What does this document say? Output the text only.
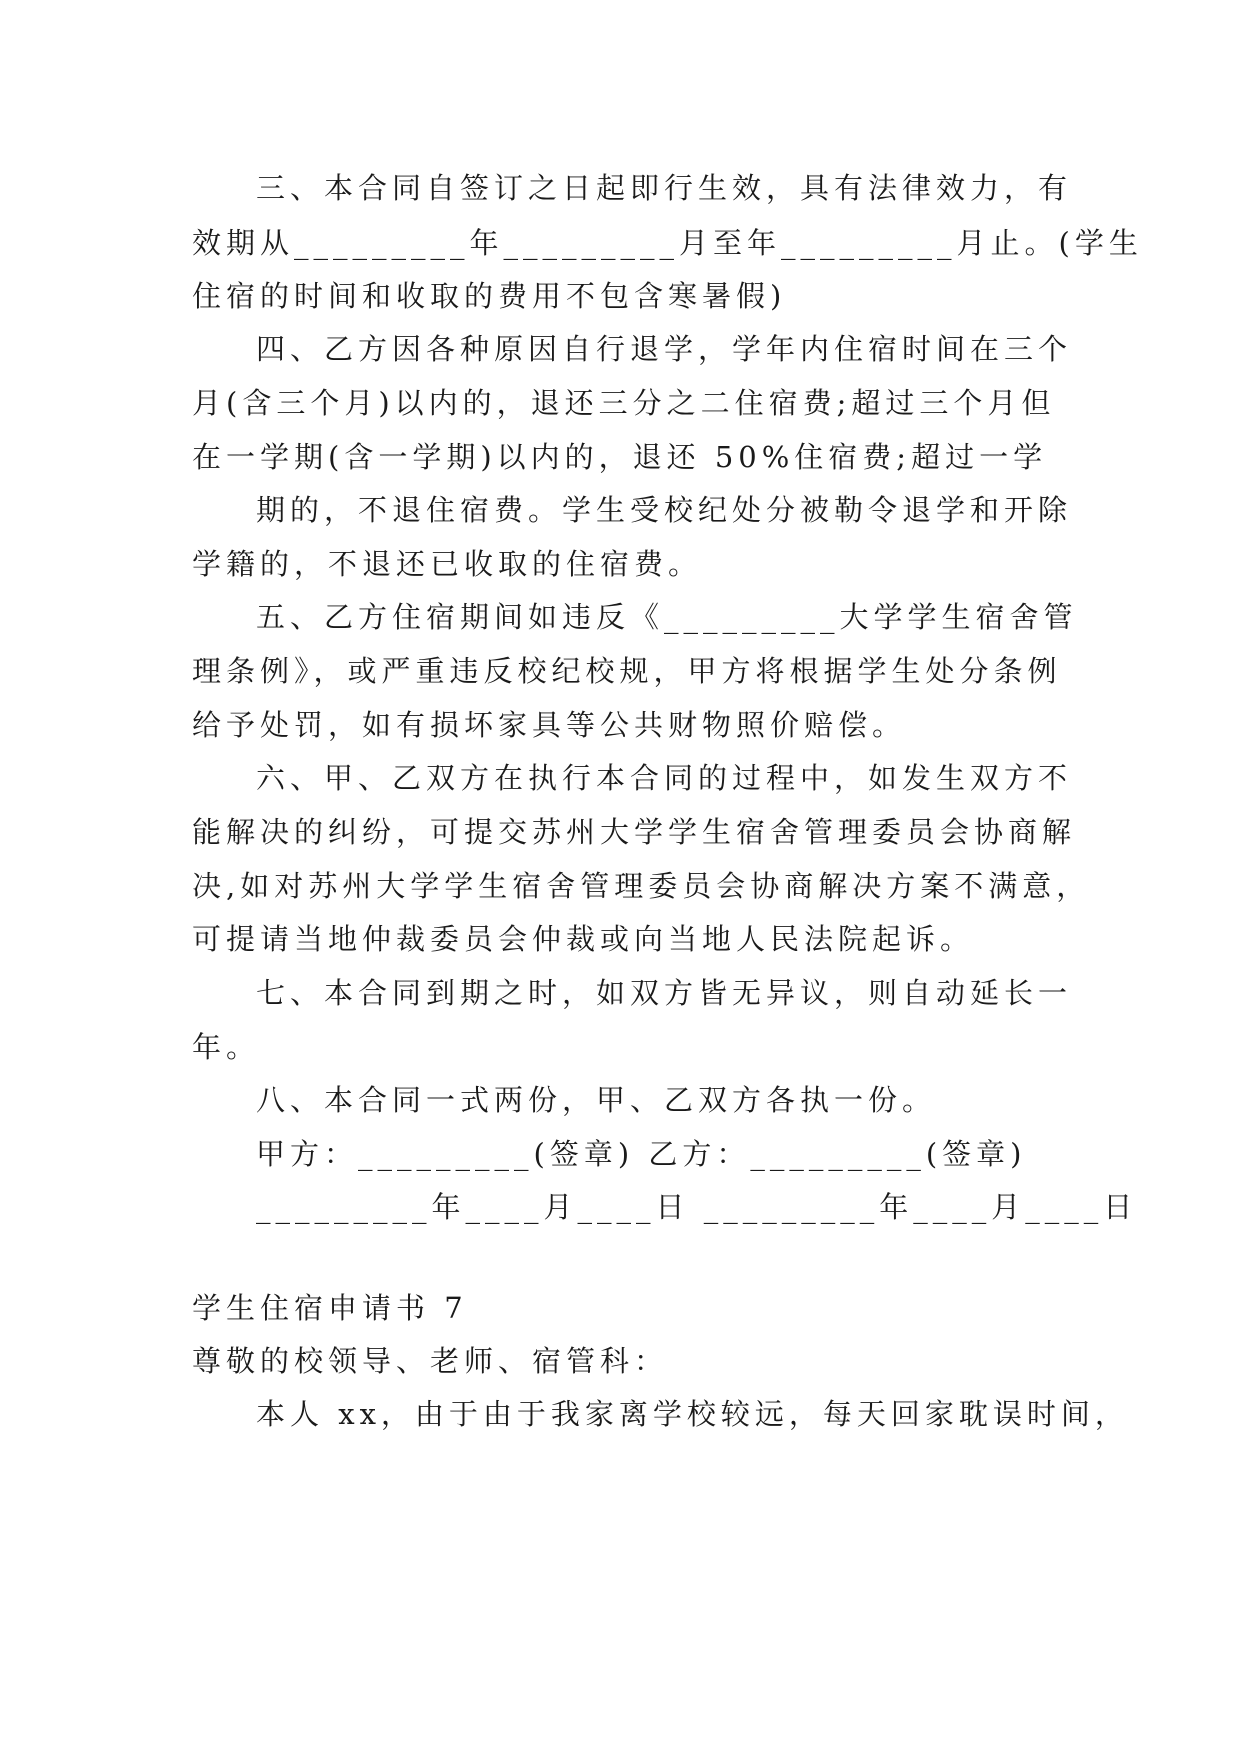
三、本合同自签订之日起即行生效，具有法律效力，有

效期从_________年_________月至年_________月止。(学生

住宿的时间和收取的费用不包含寒暑假)

四、乙方因各种原因自行退学，学年内住宿时间在三个

月(含三个月)以内的，退还三分之二住宿费;超过三个月但

在一学期(含一学期)以内的，退还 50%住宿费;超过一学

期的，不退住宿费。学生受校纪处分被勒令退学和开除

学籍的，不退还已收取的住宿费。

五、乙方住宿期间如违反《_________大学学生宿舍管

理条例》，或严重违反校纪校规，甲方将根据学生处分条例

给予处罚，如有损坏家具等公共财物照价赔偿。

六、甲、乙双方在执行本合同的过程中，如发生双方不

能解决的纠纷，可提交苏州大学学生宿舍管理委员会协商解

决,如对苏州大学学生宿舍管理委员会协商解决方案不满意，

可提请当地仲裁委员会仲裁或向当地人民法院起诉。

七、本合同到期之时，如双方皆无异议，则自动延长一

年。

八、本合同一式两份，甲、乙双方各执一份。

甲方：_________(签章) 乙方：_________(签章)

_________年____月____日 _________年____月____日

学生住宿申请书 7

尊敬的校领导、老师、宿管科：

本人 xx，由于由于我家离学校较远，每天回家耽误时间，
